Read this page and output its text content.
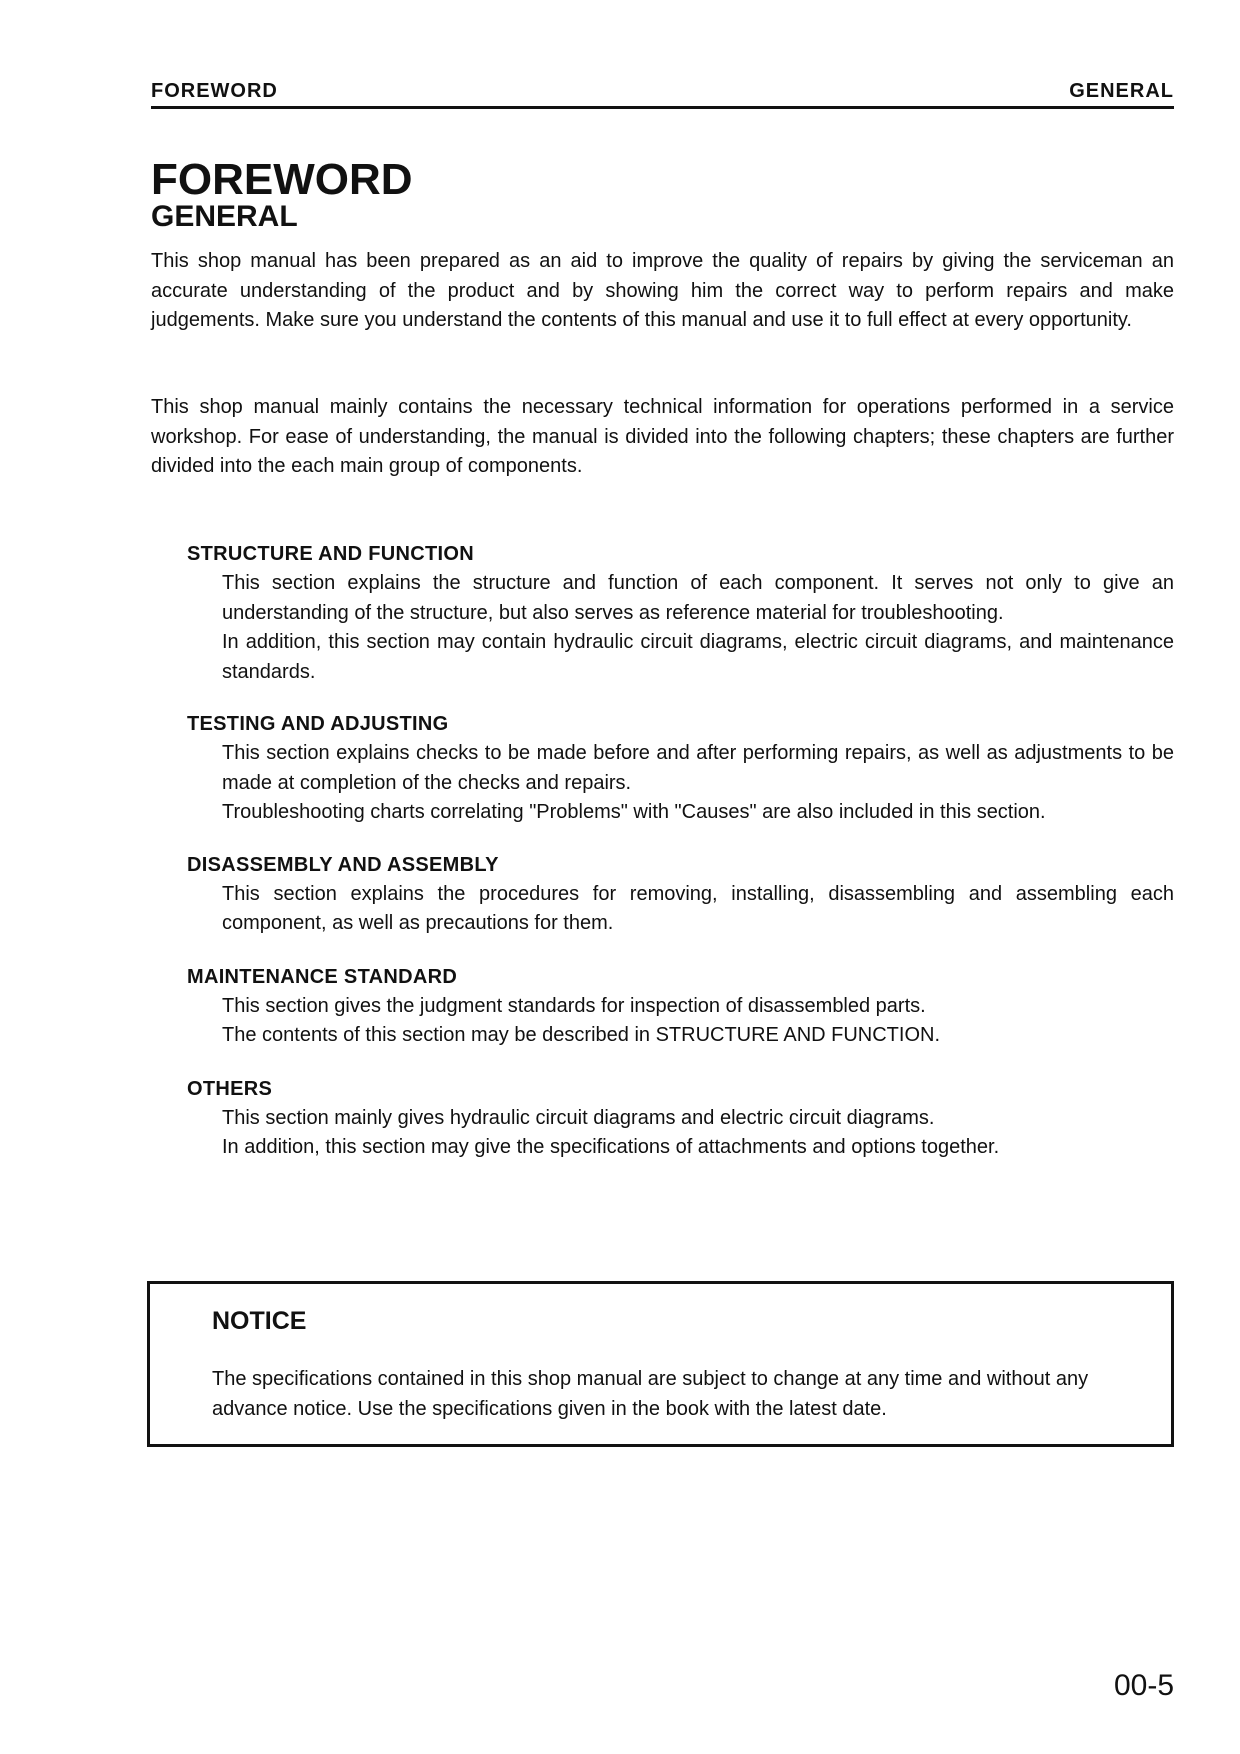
FOREWORD	GENERAL
FOREWORD
GENERAL

This shop manual has been prepared as an aid to improve the quality of repairs by giving the serviceman an accurate understanding of the product and by showing him the correct way to perform repairs and make judgements. Make sure you understand the contents of this manual and use it to full effect at every opportunity.

This shop manual mainly contains the necessary technical information for operations performed in a service workshop. For ease of understanding, the manual is divided into the following chapters; these chapters are further divided into the each main group of components.

STRUCTURE AND FUNCTION

This section explains the structure and function of each component. It serves not only to give an understanding of the structure, but also serves as reference material for troubleshooting.

In addition, this section may contain hydraulic circuit diagrams, electric circuit diagrams, and maintenance standards.

TESTING AND ADJUSTING

This section explains checks to be made before and after performing repairs, as well as adjustments to be made at completion of the checks and repairs.

Troubleshooting charts correlating "Problems" with "Causes" are also included in this section.

DISASSEMBLY AND ASSEMBLY

This section explains the procedures for removing, installing, disassembling and assembling each component, as well as precautions for them.

MAINTENANCE STANDARD

This section gives the judgment standards for inspection of disassembled parts.

The contents of this section may be described in STRUCTURE AND FUNCTION.

OTHERS

This section mainly gives hydraulic circuit diagrams and electric circuit diagrams.

In addition, this section may give the specifications of attachments and options together.

NOTICE

The specifications contained in this shop manual are subject to change at any time and without any advance notice. Use the specifications given in the book with the latest date.

00-5
